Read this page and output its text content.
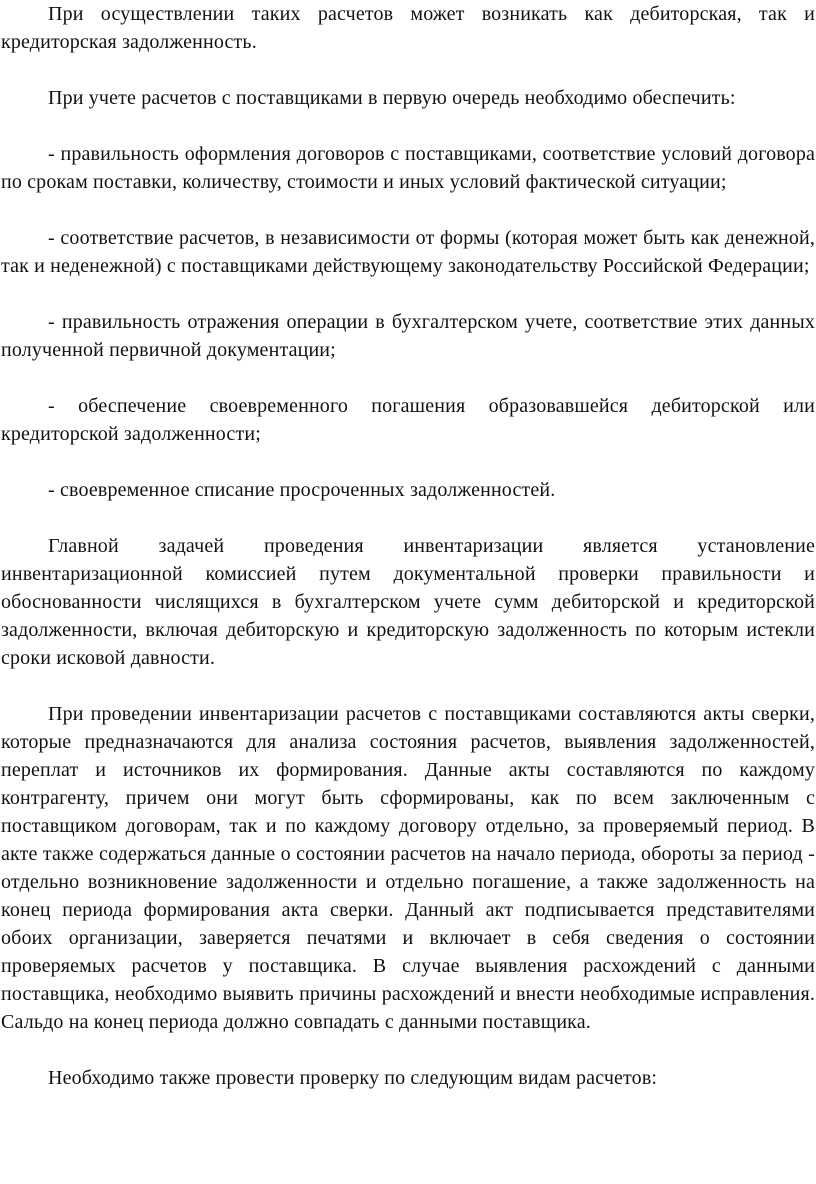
При осуществлении таких расчетов может возникать как дебиторская, так и кредиторская задолженность.

При учете расчетов с поставщиками в первую очередь необходимо обеспечить:

- правильность оформления договоров с поставщиками, соответствие условий договора по срокам поставки, количеству, стоимости и иных условий фактической ситуации;

- соответствие расчетов, в независимости от формы (которая может быть как денежной, так и неденежной) с поставщиками действующему законодательству Российской Федерации;

- правильность отражения операции в бухгалтерском учете, соответствие этих данных полученной первичной документации;

- обеспечение своевременного погашения образовавшейся дебиторской или кредиторской задолженности;

- своевременное списание просроченных задолженностей.

Главной задачей проведения инвентаризации является установление инвентаризационной комиссией путем документальной проверки правильности и обоснованности числящихся в бухгалтерском учете сумм дебиторской и кредиторской задолженности, включая дебиторскую и кредиторскую задолженность по которым истекли сроки исковой давности.

При проведении инвентаризации расчетов с поставщиками составляются акты сверки, которые предназначаются для анализа состояния расчетов, выявления задолженностей, переплат и источников их формирования. Данные акты составляются по каждому контрагенту, причем они могут быть сформированы, как по всем заключенным с поставщиком договорам, так и по каждому договору отдельно, за проверяемый период. В акте также содержаться данные о состоянии расчетов на начало периода, обороты за период - отдельно возникновение задолженности и отдельно погашение, а также задолженность на конец периода формирования акта сверки. Данный акт подписывается представителями обоих организации, заверяется печатями и включает в себя сведения о состоянии проверяемых расчетов у поставщика. В случае выявления расхождений с данными поставщика, необходимо выявить причины расхождений и внести необходимые исправления. Сальдо на конец периода должно совпадать с данными поставщика.

Необходимо также провести проверку по следующим видам расчетов:
